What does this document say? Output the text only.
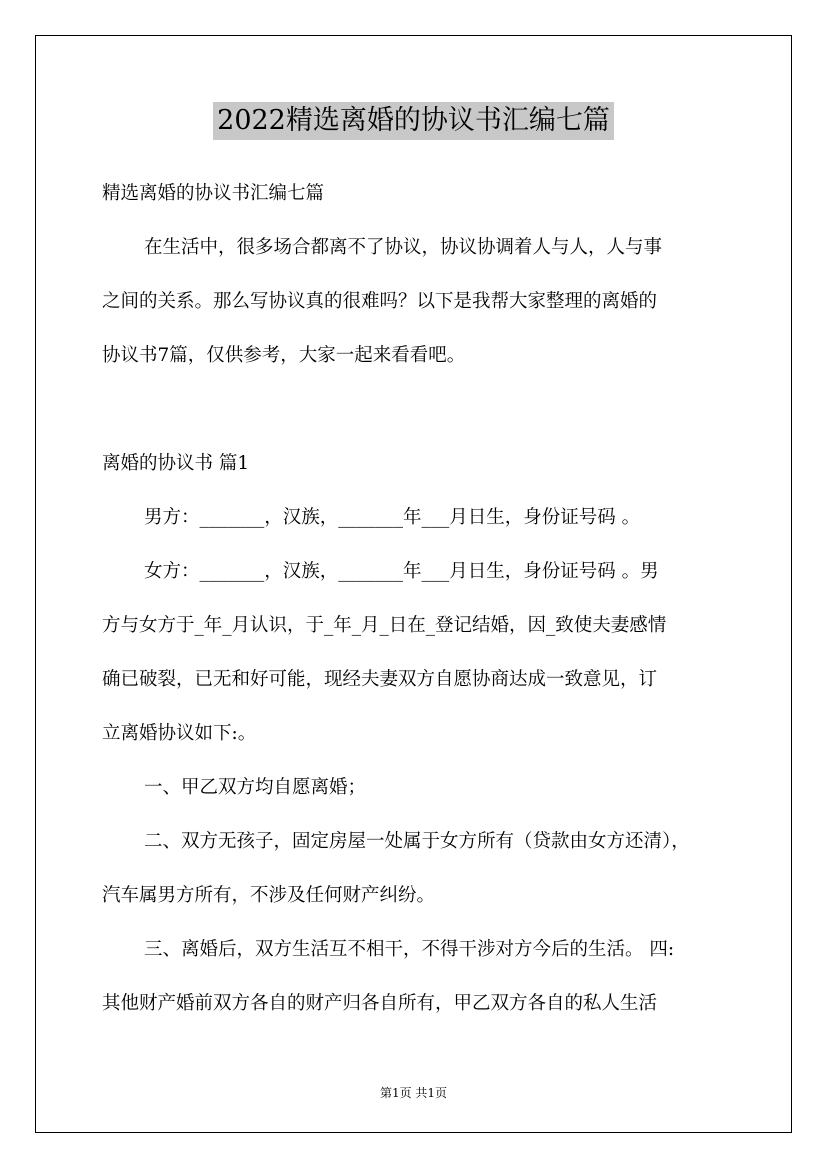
2022精选离婚的协议书汇编七篇
精选离婚的协议书汇编七篇
在生活中，很多场合都离不了协议，协议协调着人与人，人与事
之间的关系。那么写协议真的很难吗？以下是我帮大家整理的离婚的
协议书7篇，仅供参考，大家一起来看看吧。
离婚的协议书 篇1
男方：_______，汉族，_______年___月日生，身份证号码 。
女方：_______，汉族，_______年___月日生，身份证号码 。男
方与女方于_年_月认识，于_年_月_日在_登记结婚，因_致使夫妻感情
确已破裂，已无和好可能，现经夫妻双方自愿协商达成一致意见，订
立离婚协议如下:。
一、甲乙双方均自愿离婚；
二、双方无孩子，固定房屋一处属于女方所有（贷款由女方还清），
汽车属男方所有，不涉及任何财产纠纷。
三、离婚后，双方生活互不相干，不得干涉对方今后的生活。 四:
其他财产婚前双方各自的财产归各自所有，甲乙双方各自的私人生活
第1页 共1页
